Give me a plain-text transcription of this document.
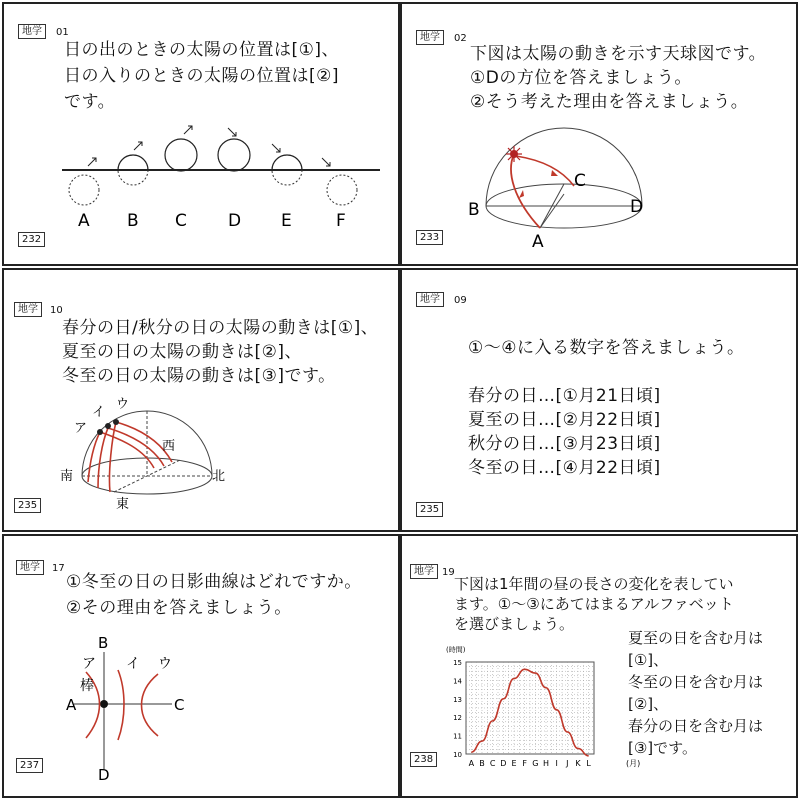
地学	01
日の出のときの太陽の位置は[①]、
日の入りのときの太陽の位置は[②]
です。
A B C D E	F
232
地学	02
下図は太陽の動きを示す天球図です。
①Dの方位を答えましょう。
②そう考えた理由を答えましょう。
C
B	D
A
233
地学	10
春分の日/秋分の日の太陽の動きは[①]、
夏至の日の太陽の動きは[②]、
冬至の日の太陽の動きは[③]です。
ア
イ
ウ
西
南	北
東
235
地学	09
①～④に入る数字を答えましょう。
春分の日…[①月21日頃]
夏至の日…[②月22日頃]
秋分の日…[③月23日頃]
冬至の日…[④月22日頃]
235
地学	17
①冬至の日の日影曲線はどれですか。
②その理由を答えましょう。
B
ア イ ウ
棒
A	C
D
237
地学 19
下図は1年間の昼の長さの変化を表してい
ます。①～③にあてはまるアルファベット
を選びましょう。
夏至の日を含む月は
[①]、
冬至の日を含む月は
[②]、
春分の日を含む月は
[③]です。
(時間)
15
14
13
12
11
10
A B C D E F G H I J K L	(月)
238
